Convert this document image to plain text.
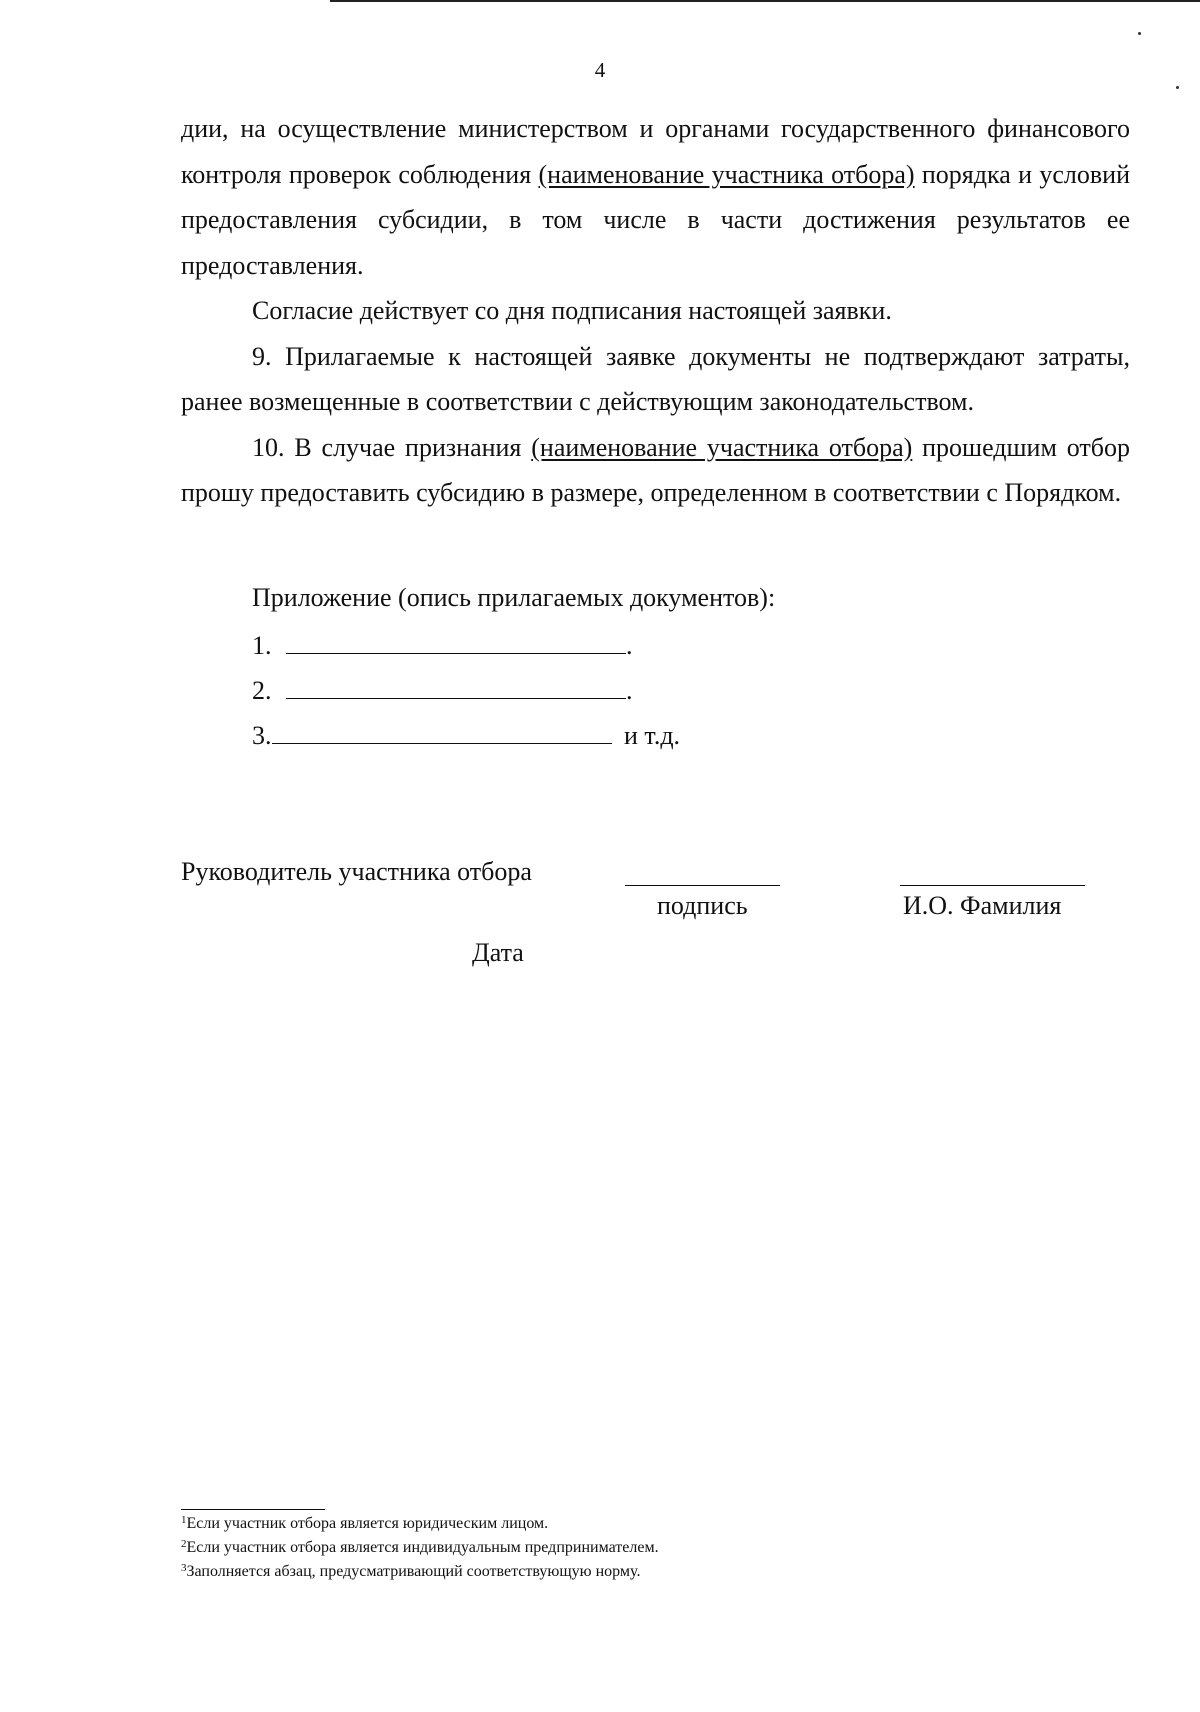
4

дии, на осуществление министерством и органами государственного финансового контроля проверок соблюдения (наименование участника отбора) порядка и условий предоставления субсидии, в том числе в части достижения результатов ее предоставления.

Согласие действует со дня подписания настоящей заявки.

9. Прилагаемые к настоящей заявке документы не подтверждают затраты, ранее возмещенные в соответствии с действующим законодательством.

10. В случае признания (наименование участника отбора) прошедшим отбор прошу предоставить субсидию в размере, определенном в соответствии с Порядком.

Приложение (опись прилагаемых документов):
1.	.
2.	.
3.	и т.д.
Руководитель участника отбора
подпись	И.О. Фамилия
Дата
$^1$Если участник отбора является юридическим лицом.
$^2$Если участник отбора является индивидуальным предпринимателем.
$^3$Заполняется абзац, предусматривающий соответствующую норму.
